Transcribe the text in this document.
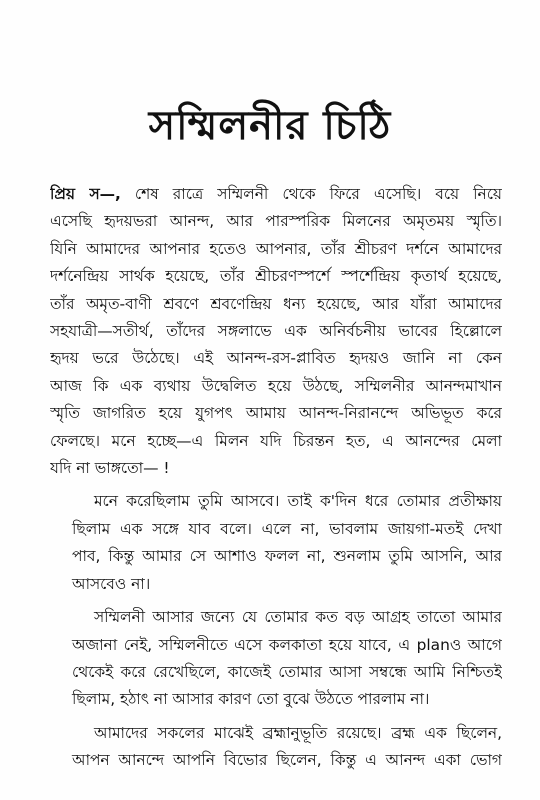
সম্মিলনীর চিঠি
প্রিয় স—, শেষ রাত্রে সম্মিলনী থেকে ফিরে এসেছি। বয়ে নিয়ে
এসেছি হৃদয়ভরা আনন্দ, আর পারস্পরিক মিলনের অমৃতময় স্মৃতি।
যিনি আমাদের আপনার হতেও আপনার, তাঁর শ্রীচরণ দর্শনে আমাদের
দর্শনেন্দ্রিয় সার্থক হয়েছে, তাঁর শ্রীচরণস্পর্শে স্পর্শেন্দ্রিয় কৃতার্থ হয়েছে,
তাঁর অমৃত-বাণী শ্রবণে শ্রবণেন্দ্রিয় ধন্য হয়েছে, আর যাঁরা আমাদের
সহযাত্রী—সতীর্থ, তাঁদের সঙ্গলাভে এক অনির্বচনীয় ভাবের হিল্লোলে
হৃদয় ভরে উঠেছে। এই আনন্দ-রস-প্লাবিত হৃদয়ও জানি না কেন
আজ কি এক ব্যথায় উদ্বেলিত হয়ে উঠছে, সম্মিলনীর আনন্দমাখান
স্মৃতি জাগরিত হয়ে যুগপৎ আমায় আনন্দ-নিরানন্দে অভিভূত করে
ফেলছে। মনে হচ্ছে—এ মিলন যদি চিরন্তন হত, এ আনন্দের মেলা
যদি না ভাঙ্গতো— !
মনে করেছিলাম তুমি আসবে। তাই ক'দিন ধরে তোমার প্রতীক্ষায়
ছিলাম এক সঙ্গে যাব বলে। এলে না, ভাবলাম জায়গা-মতই দেখা
পাব, কিন্তু আমার সে আশাও ফলল না, শুনলাম তুমি আসনি, আর
আসবেও না।
সম্মিলনী আসার জন্যে যে তোমার কত বড় আগ্রহ তাতো আমার
অজানা নেই, সম্মিলনীতে এসে কলকাতা হয়ে যাবে, এ planও আগে
থেকেই করে রেখেছিলে, কাজেই তোমার আসা সম্বন্ধে আমি নিশ্চিতই
ছিলাম, হঠাৎ না আসার কারণ তো বুঝে উঠতে পারলাম না।
আমাদের সকলের মাঝেই ব্রহ্মানুভূতি রয়েছে। ব্রহ্ম এক ছিলেন,
আপন আনন্দে আপনি বিভোর ছিলেন, কিন্তু এ আনন্দ একা ভোগ
